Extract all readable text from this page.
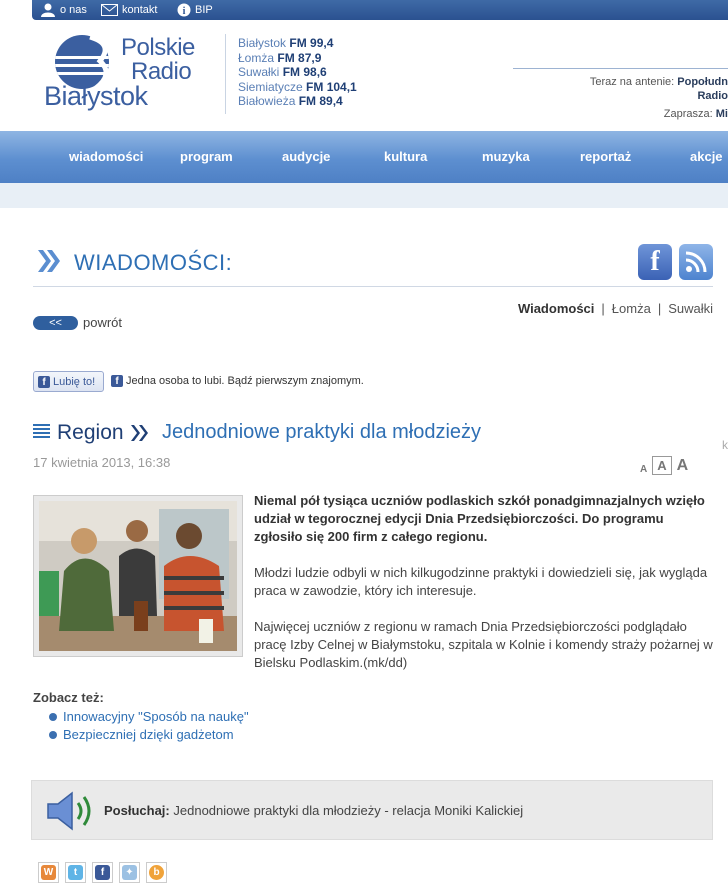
o nas	kontakt	i BIP
Polskie
Radio
Białystok
Białystok FM 99,4
Łomża FM 87,9
Suwałki FM 98,6
Siemiatycze FM 104,1
Białowieża FM 89,4
Teraz na antenie: Popołudn
Radio
Zaprasza: Mi
wiadomości	program	audycje	kultura	muzyka	reportaż	akcje
WIADOMOŚCI:	f
Wiadomości | Łomża | Suwałki
<<	powrót
f Lubię to!	f Jedna osoba to lubi. Bądź pierwszym znajomym.
Region Jednodniowe praktyki dla młodzieży
17 kwietnia 2013, 16:38	A A A
k

Niemal pół tysiąca uczniów podlaskich szkół ponadgimnazjalnych wzięło udział w tegorocznej edycji Dnia Przedsiębiorczości. Do programu zgłosiło się 200 firm z całego regionu.

Młodzi ludzie odbyli w nich kilkugodzinne praktyki i dowiedzieli się, jak wygląda praca w zawodzie, który ich interesuje.

Najwięcej uczniów z regionu w ramach Dnia Przedsiębiorczości podglądało pracę Izby Celnej w Białymstoku, szpitala w Kolnie i komendy straży pożarnej w Bielsku Podlaskim.(mk/dd)

Zobacz też:
Innowacyjny "Sposób na naukę"
Bezpieczniej dzięki gadżetom
Posłuchaj: Jednodniowe praktyki dla młodzieży - relacja Moniki Kalickiej
W	t	f	✦	b
